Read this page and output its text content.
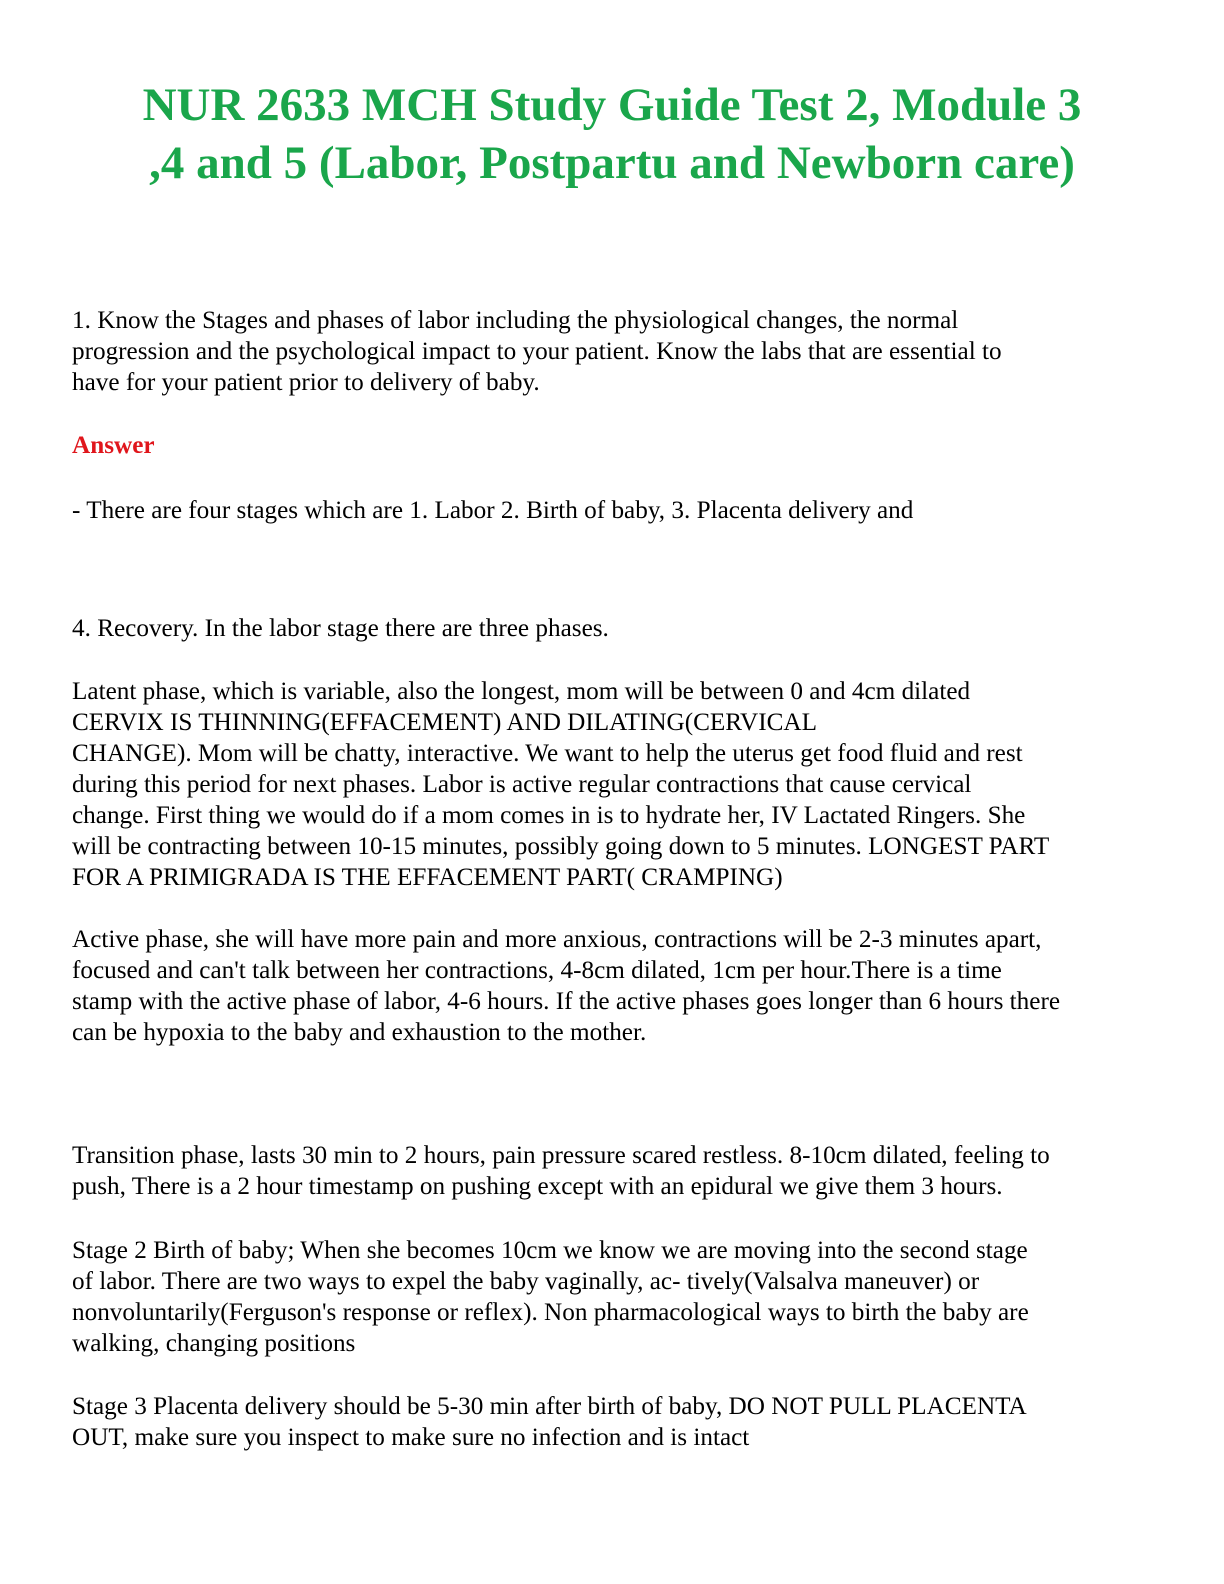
NUR 2633 MCH Study Guide Test 2, Module 3
,4 and 5 (Labor, Postpartu and Newborn care)

1. Know the Stages and phases of labor including the physiological changes, the normal
progression and the psychological impact to your patient. Know the labs that are essential to
have for your patient prior to delivery of baby.

Answer

- There are four stages which are 1. Labor 2. Birth of baby, 3. Placenta delivery and

4. Recovery. In the labor stage there are three phases.

Latent phase, which is variable, also the longest, mom will be between 0 and 4cm dilated
CERVIX IS THINNING(EFFACEMENT) AND DILATING(CERVICAL
CHANGE). Mom will be chatty, interactive. We want to help the uterus get food fluid and rest
during this period for next phases. Labor is active regular contractions that cause cervical
change. First thing we would do if a mom comes in is to hydrate her, IV Lactated Ringers. She
will be contracting between 10-15 minutes, possibly going down to 5 minutes. LONGEST PART
FOR A PRIMIGRADA IS THE EFFACEMENT PART( CRAMPING)

Active phase, she will have more pain and more anxious, contractions will be 2-3 minutes apart,
focused and can't talk between her contractions, 4-8cm dilated, 1cm per hour.There is a time
stamp with the active phase of labor, 4-6 hours. If the active phases goes longer than 6 hours there
can be hypoxia to the baby and exhaustion to the mother.

Transition phase, lasts 30 min to 2 hours, pain pressure scared restless. 8-10cm dilated, feeling to
push, There is a 2 hour timestamp on pushing except with an epidural we give them 3 hours.

Stage 2 Birth of baby; When she becomes 10cm we know we are moving into the second stage
of labor. There are two ways to expel the baby vaginally, ac- tively(Valsalva maneuver) or
nonvoluntarily(Ferguson's response or reflex). Non pharmacological ways to birth the baby are
walking, changing positions

Stage 3 Placenta delivery should be 5-30 min after birth of baby, DO NOT PULL PLACENTA
OUT, make sure you inspect to make sure no infection and is intact
